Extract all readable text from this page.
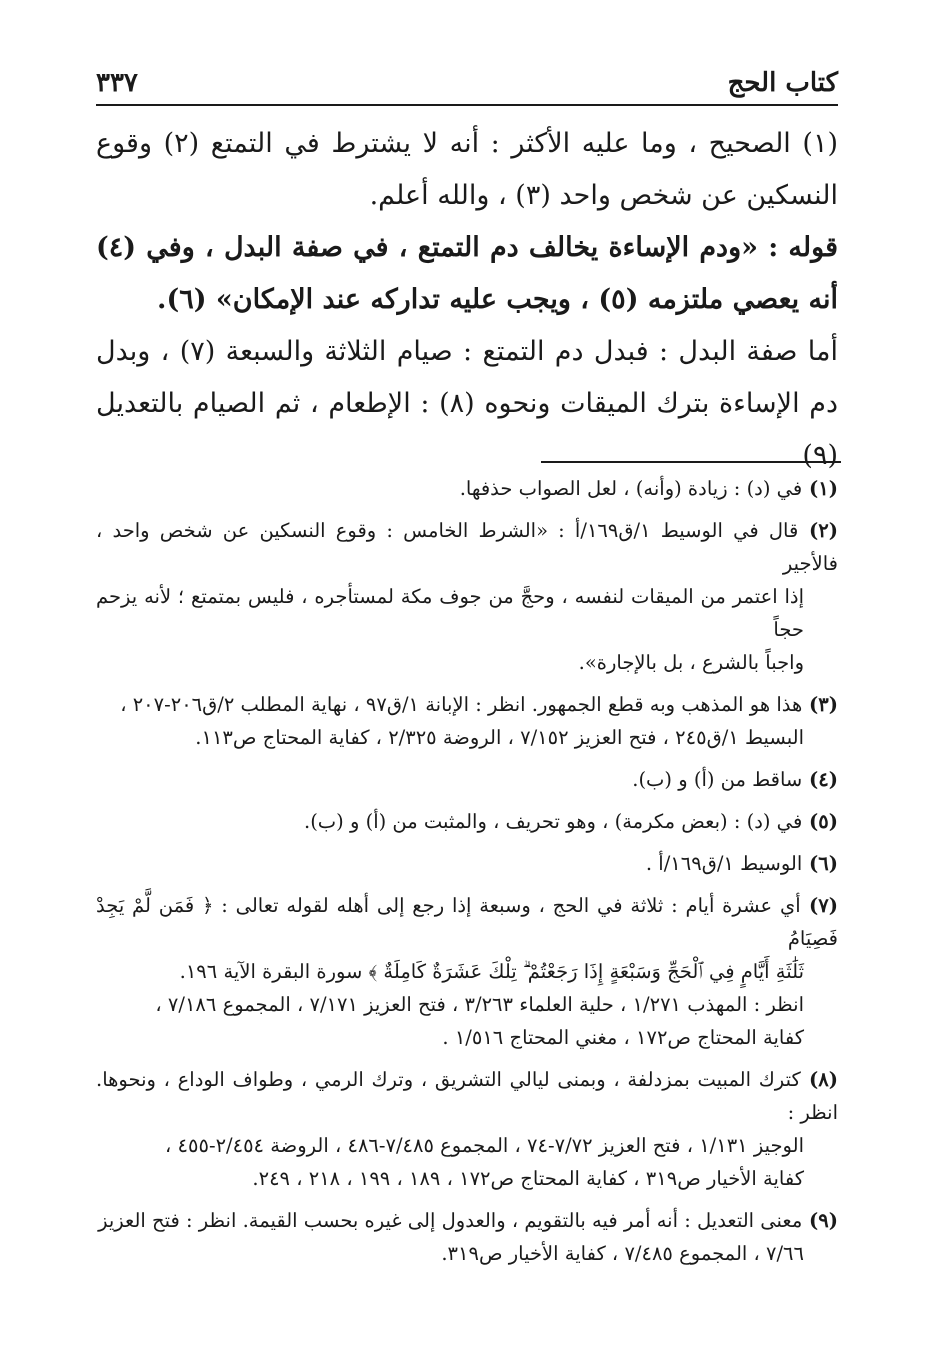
كتاب الحج
٣٣٧

(١) الصحيح ، وما عليه الأكثر : أنه لا يشترط في التمتع (٢) وقوع النسكين عن شخص واحد (٣) ، والله أعلم.

قوله : «ودم الإساءة يخالف دم التمتع ، في صفة البدل ، وفي (٤) أنه يعصي ملتزمه (٥) ، ويجب عليه تداركه عند الإمكان» (٦).

أما صفة البدل : فبدل دم التمتع : صيام الثلاثة والسبعة (٧) ، وبدل دم الإساءة بترك الميقات ونحوه (٨) : الإطعام ، ثم الصيام بالتعديل (٩)

(١) في (د) : زيادة (وأنه) ، لعل الصواب حذفها.

(٢) قال في الوسيط ١/ق١٦٩/أ : «الشرط الخامس : وقوع النسكين عن شخص واحد ، فالأجير
إذا اعتمر من الميقات لنفسه ، وحجَّ من جوف مكة لمستأجره ، فليس بمتمتع ؛ لأنه يزحم حجاً
واجباً بالشرع ، بل بالإجارة».

(٣) هذا هو المذهب وبه قطع الجمهور. انظر : الإبانة ١/ق٩٧ ، نهاية المطلب ٢/ق٢٠٦-٢٠٧ ،
البسيط ١/ق٢٤٥ ، فتح العزيز ٧/١٥٢ ، الروضة ٢/٣٢٥ ، كفاية المحتاج ص١١٣.

(٤) ساقط من (أ) و (ب).

(٥) في (د) : (بعض مكرمة) ، وهو تحريف ، والمثبت من (أ) و (ب).

(٦) الوسيط ١/ق١٦٩/أ .

(٧) أي عشرة أيام : ثلاثة في الحج ، وسبعة إذا رجع إلى أهله لقوله تعالى : ﴿ فَمَن لَّمْ يَجِدْ فَصِيَامُ
ثَلَٰثَةِ أَيَّامٍ فِي ٱلْحَجِّ وَسَبْعَةٍ إِذَا رَجَعْتُمْ ۗ تِلْكَ عَشَرَةٌ كَامِلَةٌ ﴾ سورة البقرة الآية ١٩٦.
انظر : المهذب ١/٢٧١ ، حلية العلماء ٣/٢٦٣ ، فتح العزيز ٧/١٧١ ، المجموع ٧/١٨٦ ،
كفاية المحتاج ص١٧٢ ، مغني المحتاج ١/٥١٦ .

(٨) كترك المبيت بمزدلفة ، وبمنى ليالي التشريق ، وترك الرمي ، وطواف الوداع ، ونحوها. انظر :
الوجيز ١/١٣١ ، فتح العزيز ٧/٧٢-٧٤ ، المجموع ٧/٤٨٥-٤٨٦ ، الروضة ٢/٤٥٤-٤٥٥ ،
كفاية الأخيار ص٣١٩ ، كفاية المحتاج ص١٧٢ ، ١٨٩ ، ١٩٩ ، ٢١٨ ، ٢٤٩.

(٩) معنى التعديل : أنه أمر فيه بالتقويم ، والعدول إلى غيره بحسب القيمة. انظر : فتح العزيز
٧/٦٦ ، المجموع ٧/٤٨٥ ، كفاية الأخيار ص٣١٩.
